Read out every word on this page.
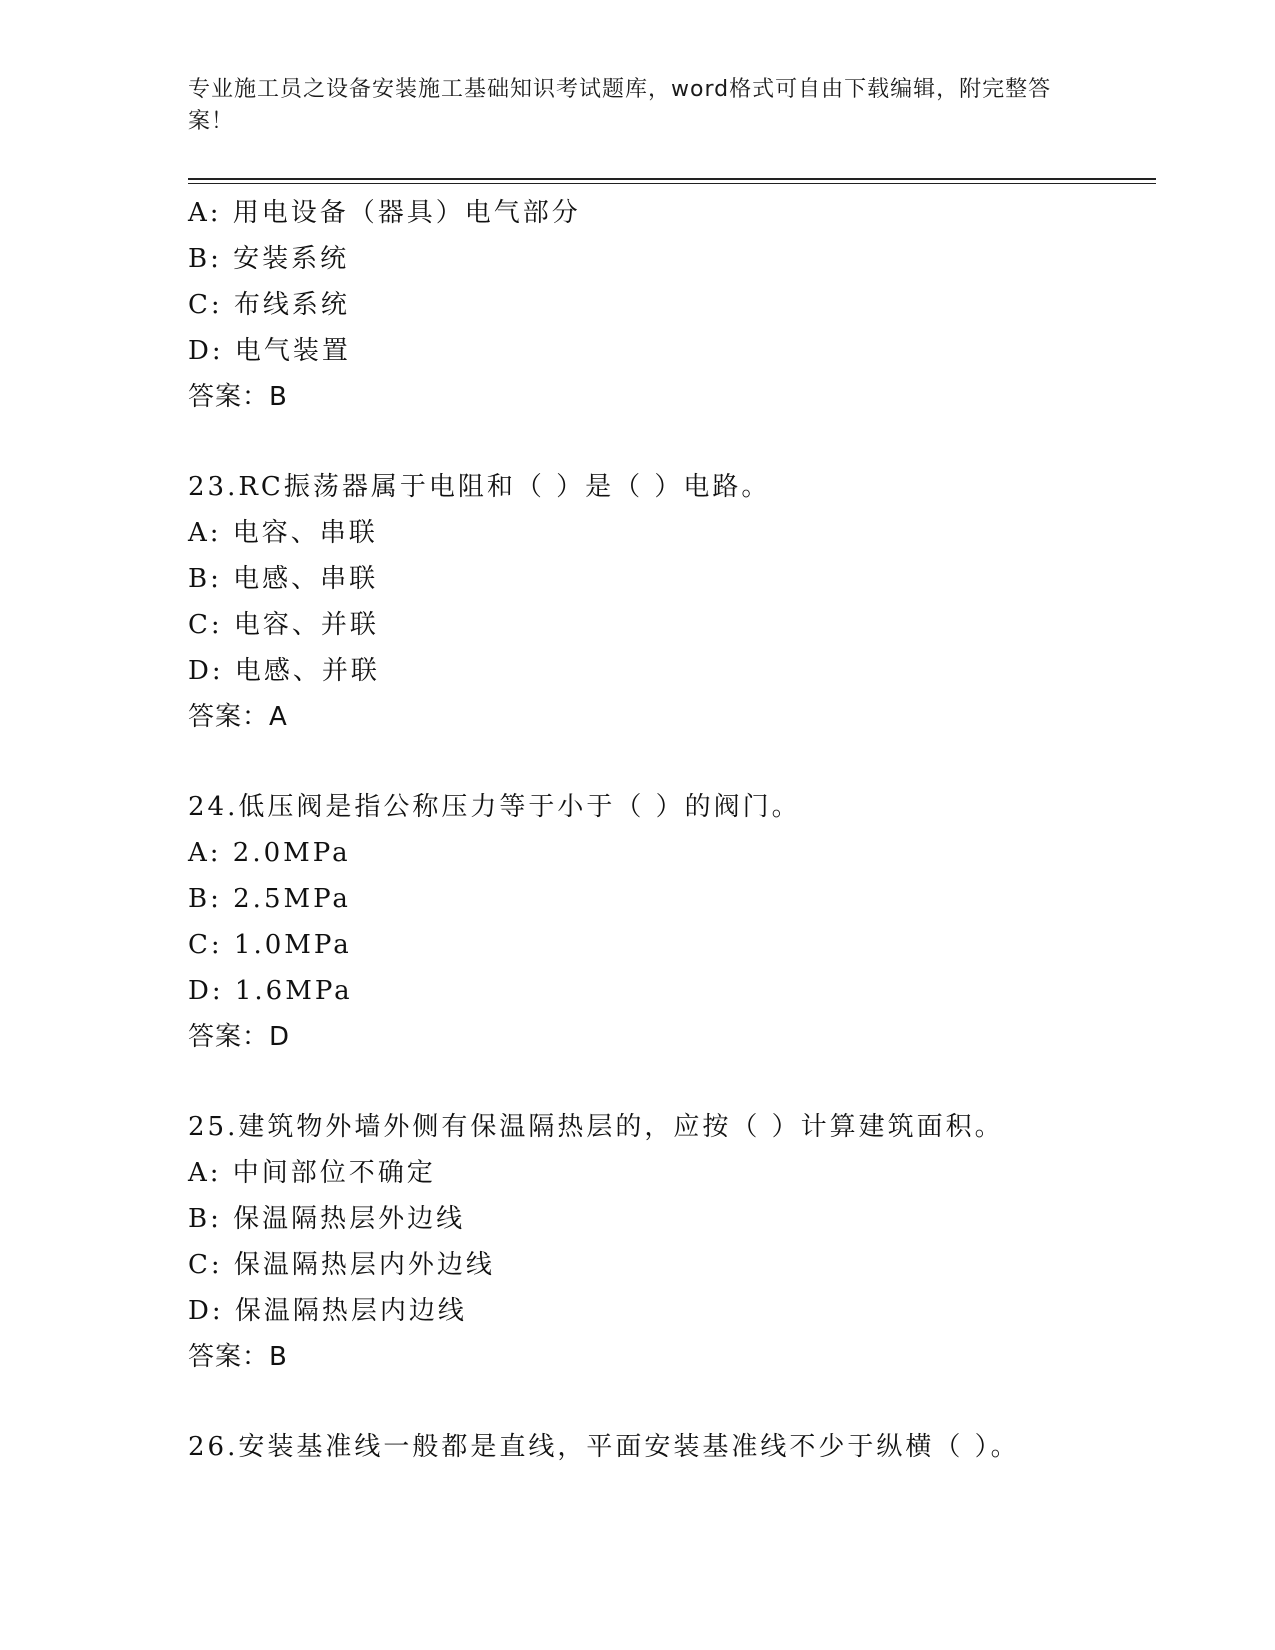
专业施工员之设备安装施工基础知识考试题库，word格式可自由下载编辑，附完整答案！
A: 用电设备（器具）电气部分
B: 安装系统
C: 布线系统
D: 电气装置
答案：B
23.RC振荡器属于电阻和（ ）是（ ）电路。
A: 电容、串联
B: 电感、串联
C: 电容、并联
D: 电感、并联
答案：A
24.低压阀是指公称压力等于小于（ ）的阀门。
A: 2.0MPa
B: 2.5MPa
C: 1.0MPa
D: 1.6MPa
答案：D
25.建筑物外墙外侧有保温隔热层的，应按（ ）计算建筑面积。
A: 中间部位不确定
B: 保温隔热层外边线
C: 保温隔热层内外边线
D: 保温隔热层内边线
答案：B
26.安装基准线一般都是直线，平面安装基准线不少于纵横（ ）。
